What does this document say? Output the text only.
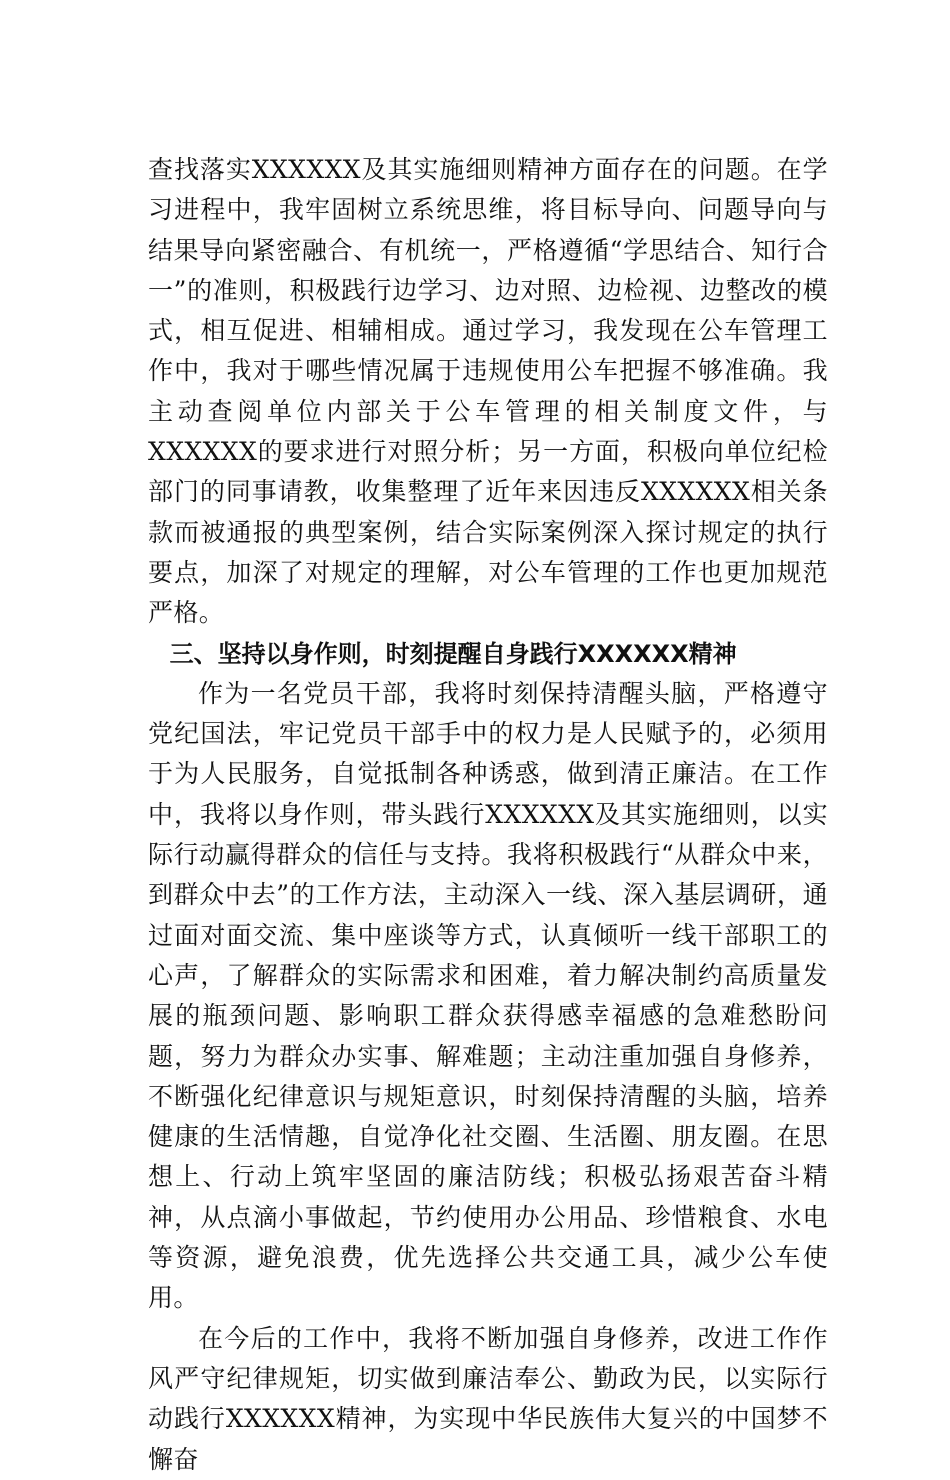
查找落实XXXXXX及其实施细则精神方面存在的问题。在学习进程中，我牢固树立系统思维，将目标导向、问题导向与结果导向紧密融合、有机统一，严格遵循“学思结合、知行合一”的准则，积极践行边学习、边对照、边检视、边整改的模式，相互促进、相辅相成。通过学习，我发现在公车管理工作中，我对于哪些情况属于违规使用公车把握不够准确。我主动查阅单位内部关于公车管理的相关制度文件，与XXXXXX的要求进行对照分析；另一方面，积极向单位纪检部门的同事请教，收集整理了近年来因违反XXXXXX相关条款而被通报的典型案例，结合实际案例深入探讨规定的执行要点，加深了对规定的理解，对公车管理的工作也更加规范严格。

三、坚持以身作则，时刻提醒自身践行XXXXXX精神

作为一名党员干部，我将时刻保持清醒头脑，严格遵守党纪国法，牢记党员干部手中的权力是人民赋予的，必须用于为人民服务，自觉抵制各种诱惑，做到清正廉洁。在工作中，我将以身作则，带头践行XXXXXX及其实施细则，以实际行动赢得群众的信任与支持。我将积极践行“从群众中来，到群众中去”的工作方法，主动深入一线、深入基层调研，通过面对面交流、集中座谈等方式，认真倾听一线干部职工的心声，了解群众的实际需求和困难，着力解决制约高质量发展的瓶颈问题、影响职工群众获得感幸福感的急难愁盼问题，努力为群众办实事、解难题；主动注重加强自身修养，不断强化纪律意识与规矩意识，时刻保持清醒的头脑，培养健康的生活情趣，自觉净化社交圈、生活圈、朋友圈。在思想上、行动上筑牢坚固的廉洁防线；积极弘扬艰苦奋斗精神，从点滴小事做起，节约使用办公用品、珍惜粮食、水电等资源，避免浪费，优先选择公共交通工具，减少公车使用。

在今后的工作中，我将不断加强自身修养，改进工作作风严守纪律规矩，切实做到廉洁奉公、勤政为民，以实际行动践行XXXXXX精神，为实现中华民族伟大复兴的中国梦不懈奋
